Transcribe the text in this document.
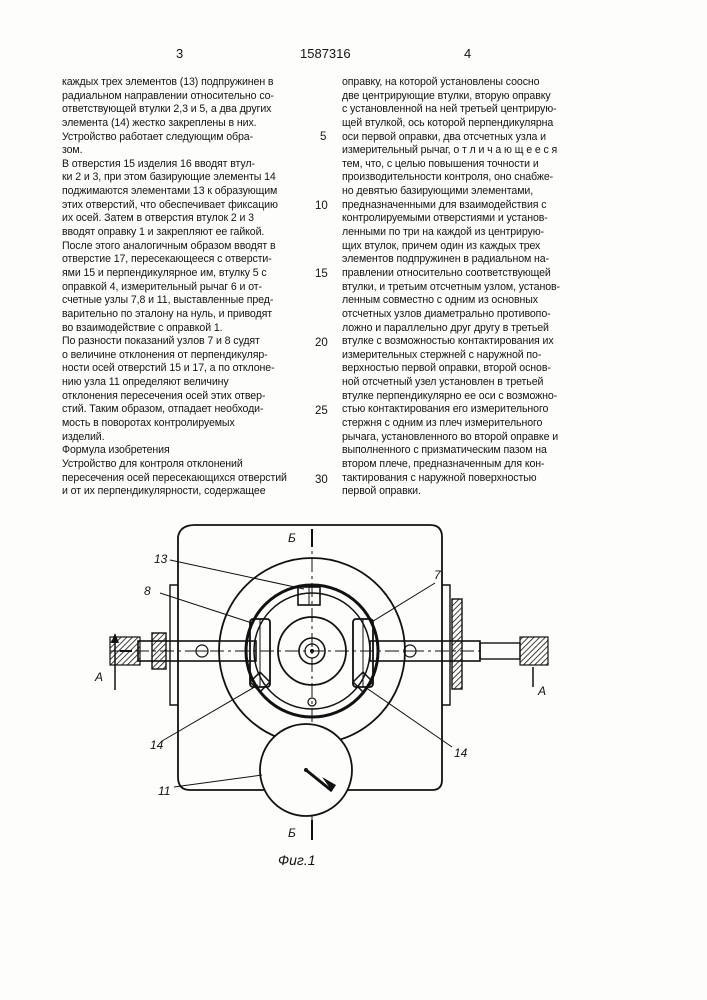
3	1587316	4
каждых трех элементов (13) подпружинен в
радиальном направлении относительно со-
ответствующей втулки 2,3 и 5, а два других
элемента (14) жестко закреплены в них.
Устройство работает следующим обра-
зом.
В отверстия 15 изделия 16 вводят втул-
ки 2 и 3, при этом базирующие элементы 14
поджимаются элементами 13 к образующим
этих отверстий, что обеспечивает фиксацию
их осей. Затем в отверстия втулок 2 и 3
вводят оправку 1 и закрепляют ее гайкой.
После этого аналогичным образом вводят в
отверстие 17, пересекающееся с отверсти-
ями 15 и перпендикулярное им, втулку 5 с
оправкой 4, измерительный рычаг 6 и от-
счетные узлы 7,8 и 11, выставленные пред-
варительно по эталону на нуль, и приводят
во взаимодействие с оправкой 1.
По разности показаний узлов 7 и 8 судят
о величине отклонения от перпендикуляр-
ности осей отверстий 15 и 17, а по отклоне-
нию узла 11 определяют величину
отклонения пересечения осей этих отвер-
стий. Таким образом, отпадает необходи-
мость в поворотах контролируемых
изделий.
Формула изобретения
Устройство для контроля отклонений
пересечения осей пересекающихся отверстий
и от их перпендикулярности, содержащее
оправку, на которой установлены соосно
две центрирующие втулки, вторую оправку
с установленной на ней третьей центрирую-
щей втулкой, ось которой перпендикулярна
оси первой оправки, два отсчетных узла и
измерительный рычаг, о т л и ч а ю щ е е с я
тем, что, с целью повышения точности и
производительности контроля, оно снабже-
но девятью базирующими элементами,
предназначенными для взаимодействия с
контролируемыми отверстиями и установ-
ленными по три на каждой из центрирую-
щих втулок, причем один из каждых трех
элементов подпружинен в радиальном на-
правлении относительно соответствующей
втулки, и третьим отсчетным узлом, установ-
ленным совместно с одним из основных
отсчетных узлов диаметрально противопо-
ложно и параллельно друг другу в третьей
втулке с возможностью контактирования их
измерительных стержней с наружной по-
верхностью первой оправки, второй основ-
ной отсчетный узел установлен в третьей
втулке перпендикулярно ее оси с возможно-
стью контактирования его измерительного
стержня с одним из плеч измерительного
рычага, установленного во второй оправке и
выполненного с призматическим пазом на
втором плече, предназначенным для кон-
тактирования с наружной поверхностью
первой оправки.
5
10
15
20
25
30
Б
Б
A
A
13
8
7
14
14
11
Фиг.1
